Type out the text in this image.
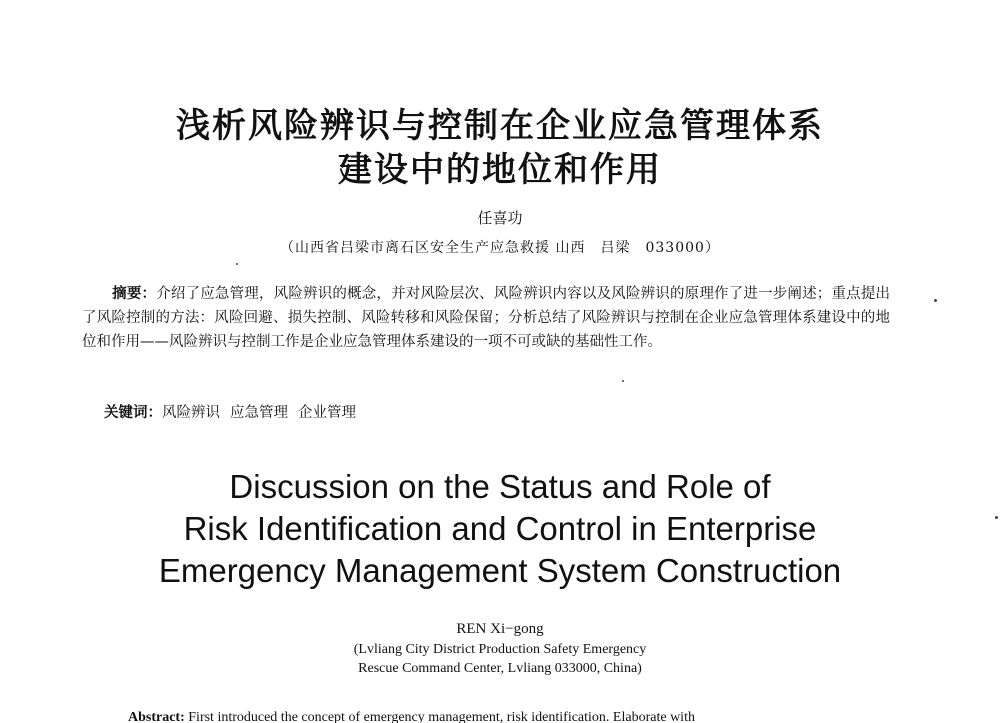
浅析风险辨识与控制在企业应急管理体系
建设中的地位和作用
任喜功
（山西省吕梁市离石区安全生产应急救援 山西　吕梁　033000）
摘要：介绍了应急管理，风险辨识的概念，并对风险层次、风险辨识内容以及风险辨识的原理作了进一步阐述；重点提出了风险控制的方法：风险回避、损失控制、风险转移和风险保留；分析总结了风险辨识与控制在企业应急管理体系建设中的地位和作用——风险辨识与控制工作是企业应急管理体系建设的一项不可或缺的基础性工作。
关键词：风险辨识 应急管理 企业管理
Discussion on the Status and Role of
Risk Identification and Control in Enterprise
Emergency Management System Construction
REN Xi−gong
(Lvliang City District Production Safety Emergency
Rescue Command Center, Lvliang 033000, China)
Abstract: First introduced the concept of emergency management, risk identification. Elaborate with
